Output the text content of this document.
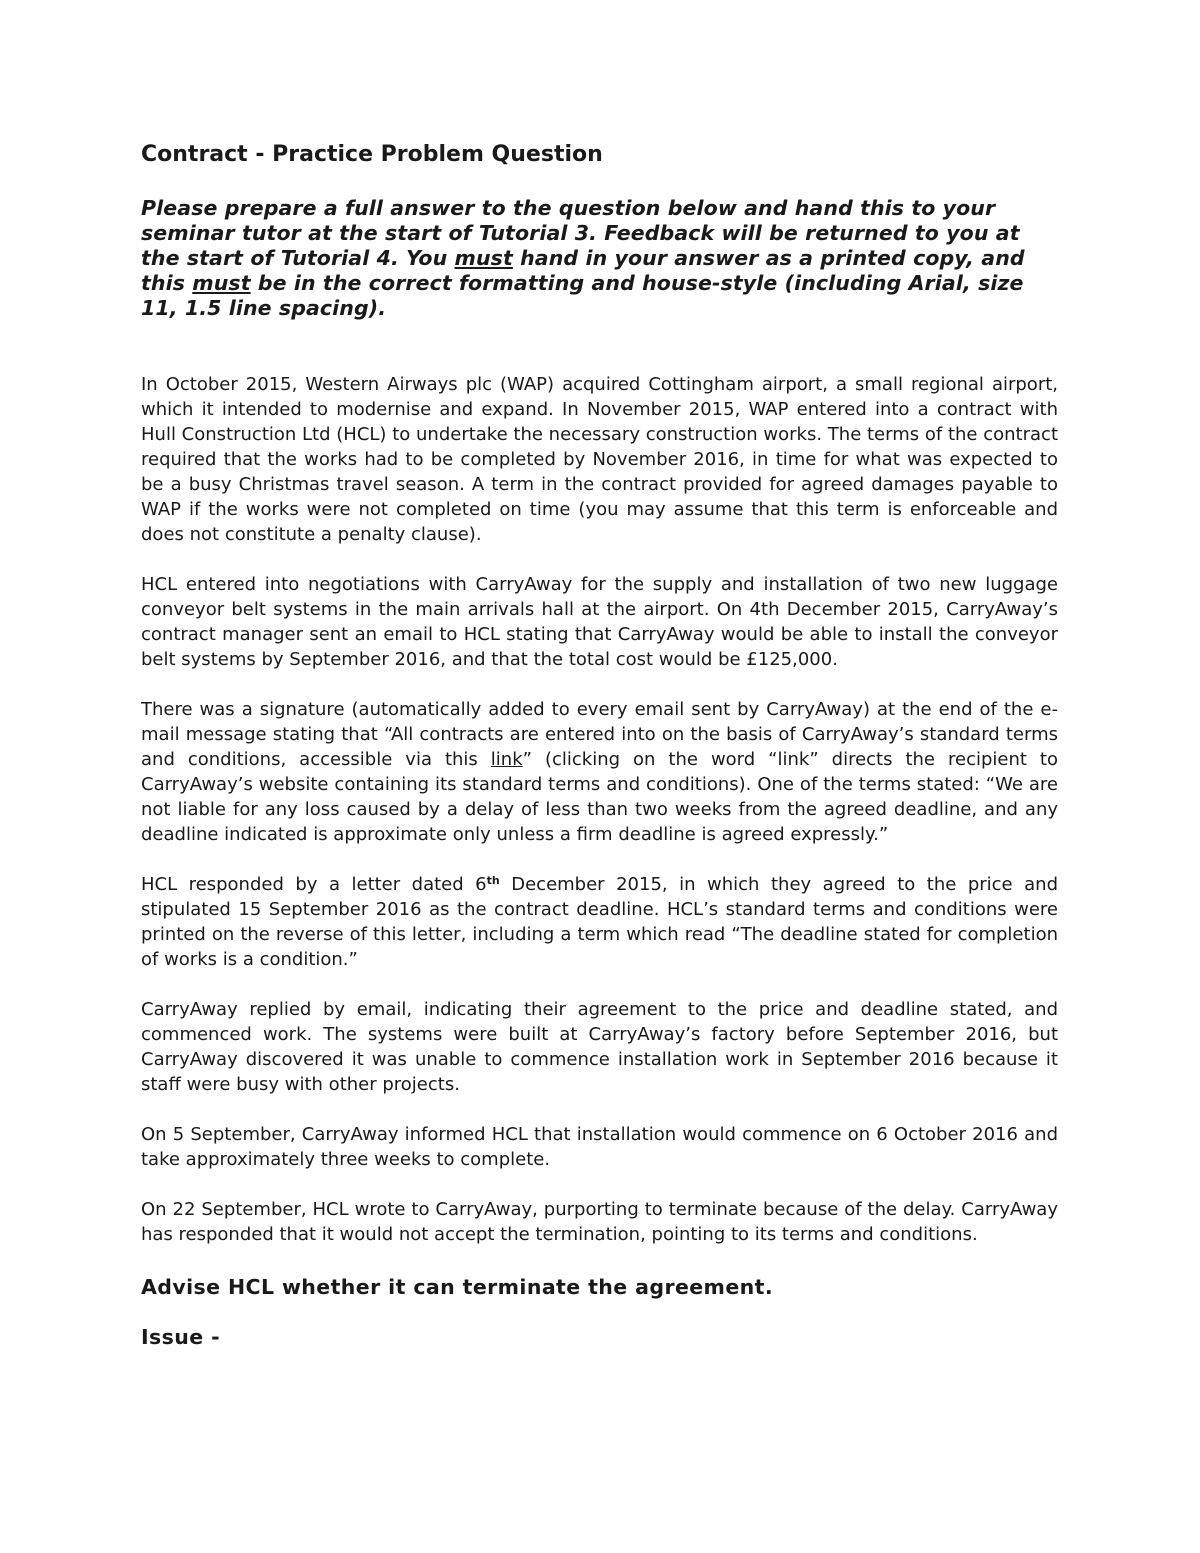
Contract - Practice Problem Question
Please prepare a full answer to the question below and hand this to your seminar tutor at the start of Tutorial 3. Feedback will be returned to you at the start of Tutorial 4. You must hand in your answer as a printed copy, and this must be in the correct formatting and house-style (including Arial, size 11, 1.5 line spacing).

In October 2015, Western Airways plc (WAP) acquired Cottingham airport, a small regional airport, which it intended to modernise and expand. In November 2015, WAP entered into a contract with Hull Construction Ltd (HCL) to undertake the necessary construction works. The terms of the contract required that the works had to be completed by November 2016, in time for what was expected to be a busy Christmas travel season. A term in the contract provided for agreed damages payable to WAP if the works were not completed on time (you may assume that this term is enforceable and does not constitute a penalty clause).

HCL entered into negotiations with CarryAway for the supply and installation of two new luggage conveyor belt systems in the main arrivals hall at the airport. On 4th December 2015, CarryAway’s contract manager sent an email to HCL stating that CarryAway would be able to install the conveyor belt systems by September 2016, and that the total cost would be £125,000.

There was a signature (automatically added to every email sent by CarryAway) at the end of the e-mail message stating that “All contracts are entered into on the basis of CarryAway’s standard terms and conditions, accessible via this link” (clicking on the word “link” directs the recipient to CarryAway’s website containing its standard terms and conditions). One of the terms stated: “We are not liable for any loss caused by a delay of less than two weeks from the agreed deadline, and any deadline indicated is approximate only unless a firm deadline is agreed expressly.”

HCL responded by a letter dated 6th December 2015, in which they agreed to the price and stipulated 15 September 2016 as the contract deadline. HCL’s standard terms and conditions were printed on the reverse of this letter, including a term which read “The deadline stated for completion of works is a condition.”

CarryAway replied by email, indicating their agreement to the price and deadline stated, and commenced work. The systems were built at CarryAway’s factory before September 2016, but CarryAway discovered it was unable to commence installation work in September 2016 because it staff were busy with other projects.

On 5 September, CarryAway informed HCL that installation would commence on 6 October 2016 and take approximately three weeks to complete.

On 22 September, HCL wrote to CarryAway, purporting to terminate because of the delay. CarryAway has responded that it would not accept the termination, pointing to its terms and conditions.

Advise HCL whether it can terminate the agreement.
Issue -
